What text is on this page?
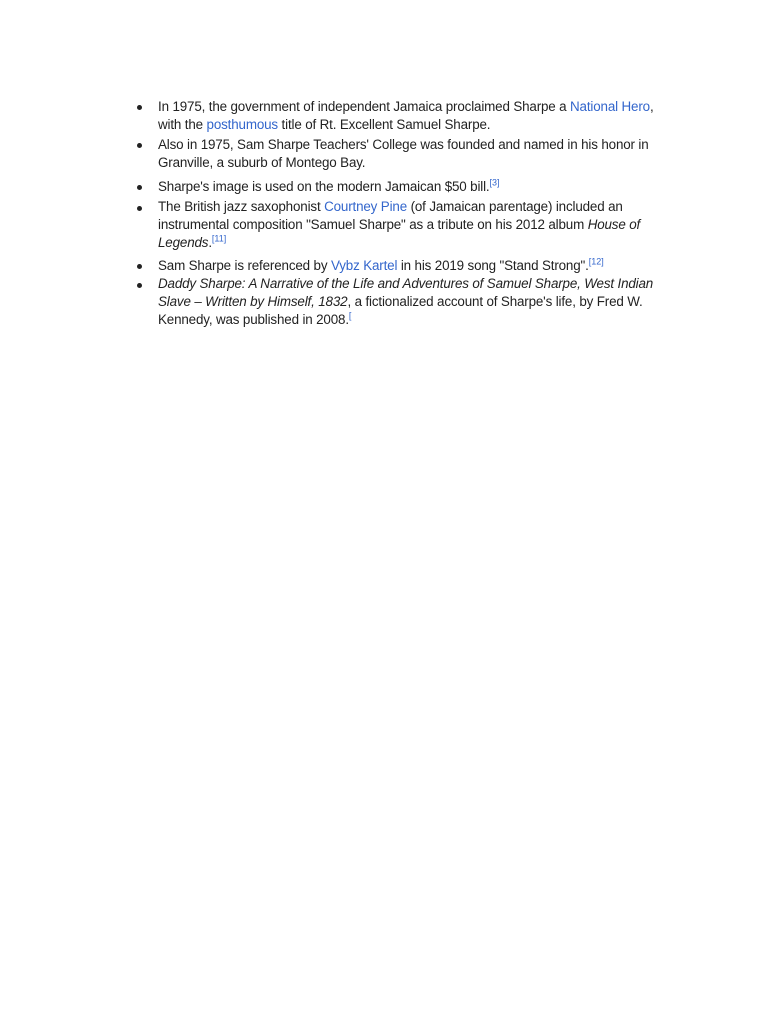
In 1975, the government of independent Jamaica proclaimed Sharpe a National Hero,
with the posthumous title of Rt. Excellent Samuel Sharpe.
Also in 1975, Sam Sharpe Teachers' College was founded and named in his honor in Granville, a suburb of Montego Bay.
Sharpe's image is used on the modern Jamaican $50 bill.[3]
The British jazz saxophonist Courtney Pine (of Jamaican parentage) included an instrumental composition "Samuel Sharpe" as a tribute on his 2012 album House of Legends.[11]
Sam Sharpe is referenced by Vybz Kartel in his 2019 song "Stand Strong".[12]
Daddy Sharpe: A Narrative of the Life and Adventures of Samuel Sharpe, West Indian Slave – Written by Himself, 1832, a fictionalized account of Sharpe's life, by Fred W. Kennedy, was published in 2008.[
